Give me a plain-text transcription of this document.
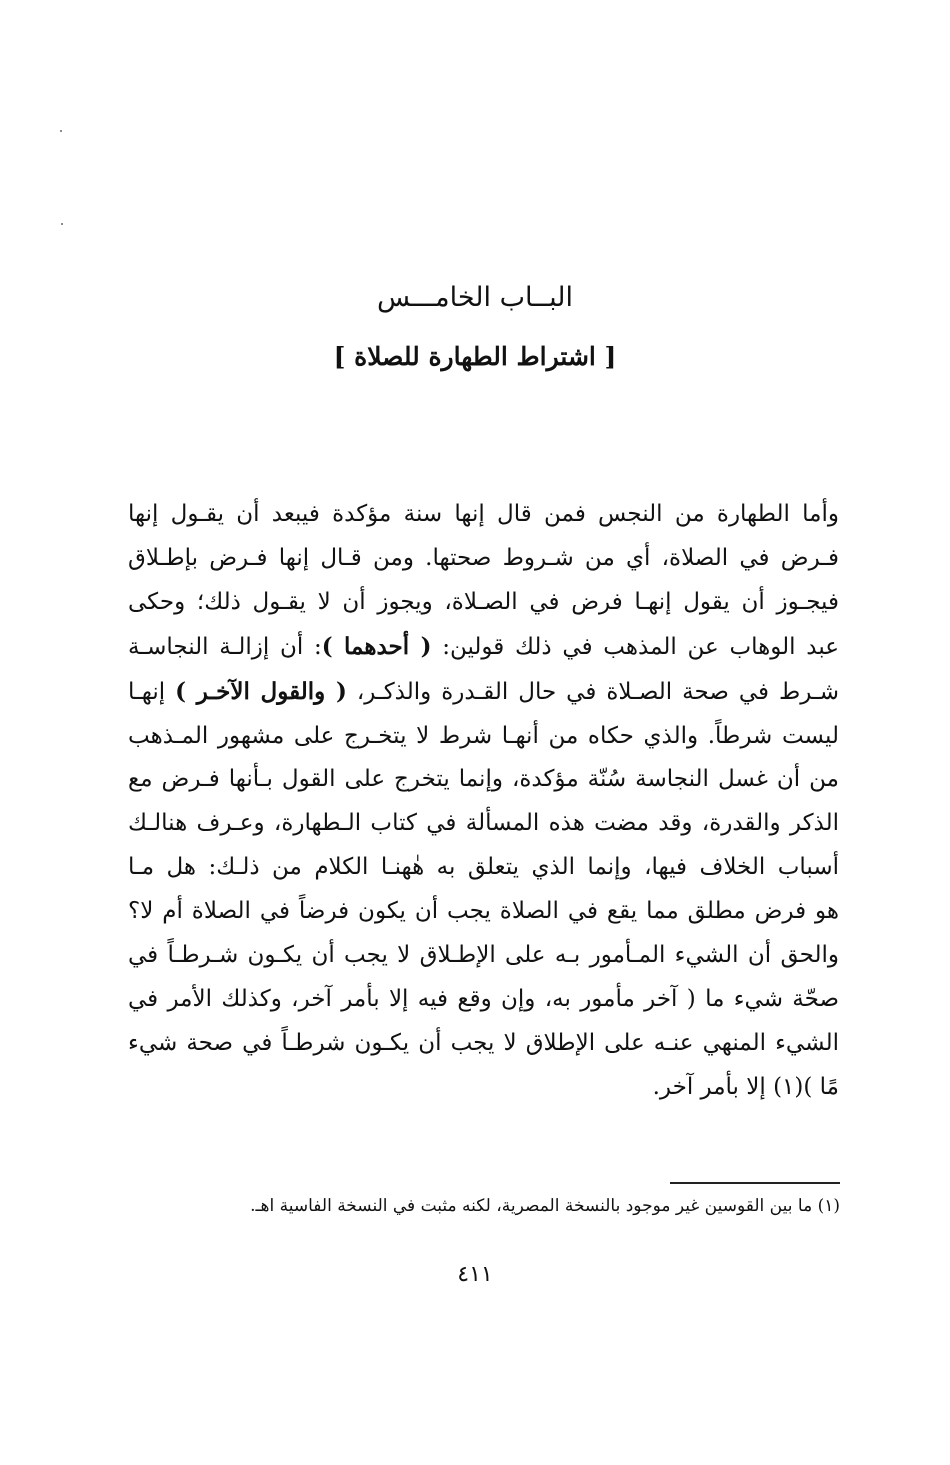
البــاب الخامـــس
[ اشتراط الطهارة للصلاة ]
وأما الطهارة من النجس فمن قال إنها سنة مؤكدة فيبعد أن يقـول إنها
فـرض في الصلاة، أي من شـروط صحتها. ومن قـال إنها فـرض بإطـلاق
فيجـوز أن يقول إنهـا فرض في الصـلاة، ويجوز أن لا يقـول ذلك؛ وحكى
عبد الوهاب عن المذهب في ذلك قولين: ( أحدهما ): أن إزالـة النجاسـة
شـرط في صحة الصـلاة في حال القـدرة والذكـر، ( والقول الآخـر ) إنهـا
ليست شرطاً. والذي حكاه من أنهـا شرط لا يتخـرج على مشهور المـذهب
من أن غسل النجاسة سُنّة مؤكدة، وإنما يتخرج على القول بـأنها فـرض مع
الذكر والقدرة، وقد مضت هذه المسألة في كتاب الـطهارة، وعـرف هنالـك
أسباب الخلاف فيها، وإنما الذي يتعلق به هٰهنـا الكلام من ذلـك: هل مـا
هو فرض مطلق مما يقع في الصلاة يجب أن يكون فرضاً في الصلاة أم لا؟
والحق أن الشيء المـأمور بـه على الإطـلاق لا يجب أن يكـون شـرطـاً في
صحّة شيء ما ( آخر مأمور به، وإن وقع فيه إلا بأمر آخر، وكذلك الأمر في
الشيء المنهي عنـه على الإطلاق لا يجب أن يكـون شرطـاً في صحة شيء
مًا )(١) إلا بأمر آخر.
(١) ما بين القوسين غير موجود بالنسخة المصرية، لكنه مثبت في النسخة الفاسية اهـ.
٤١١
